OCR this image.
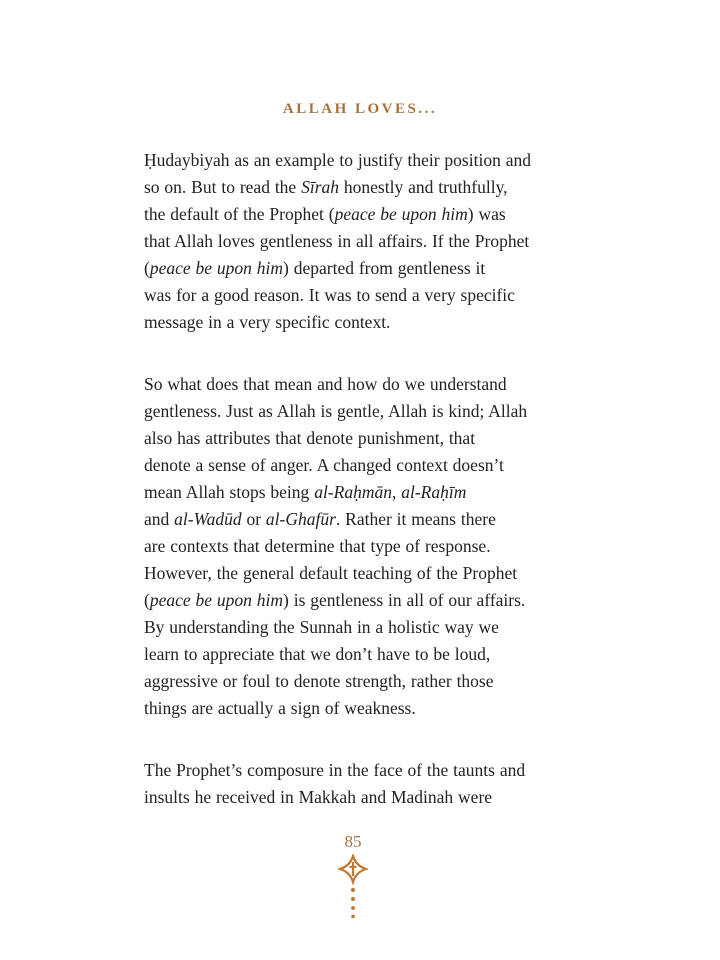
ALLAH LOVES...
Ḥudaybiyah as an example to justify their position and
so on. But to read the Sīrah honestly and truthfully,
the default of the Prophet (peace be upon him) was
that Allah loves gentleness in all affairs. If the Prophet
(peace be upon him) departed from gentleness it
was for a good reason. It was to send a very specific
message in a very specific context.
So what does that mean and how do we understand
gentleness. Just as Allah is gentle, Allah is kind; Allah
also has attributes that denote punishment, that
denote a sense of anger. A changed context doesn’t
mean Allah stops being al-Raḥmān, al-Raḥīm
and al-Wadūd or al-Ghafūr. Rather it means there
are contexts that determine that type of response.
However, the general default teaching of the Prophet
(peace be upon him) is gentleness in all of our affairs.
By understanding the Sunnah in a holistic way we
learn to appreciate that we don’t have to be loud,
aggressive or foul to denote strength, rather those
things are actually a sign of weakness.
The Prophet’s composure in the face of the taunts and
insults he received in Makkah and Madinah were
85
